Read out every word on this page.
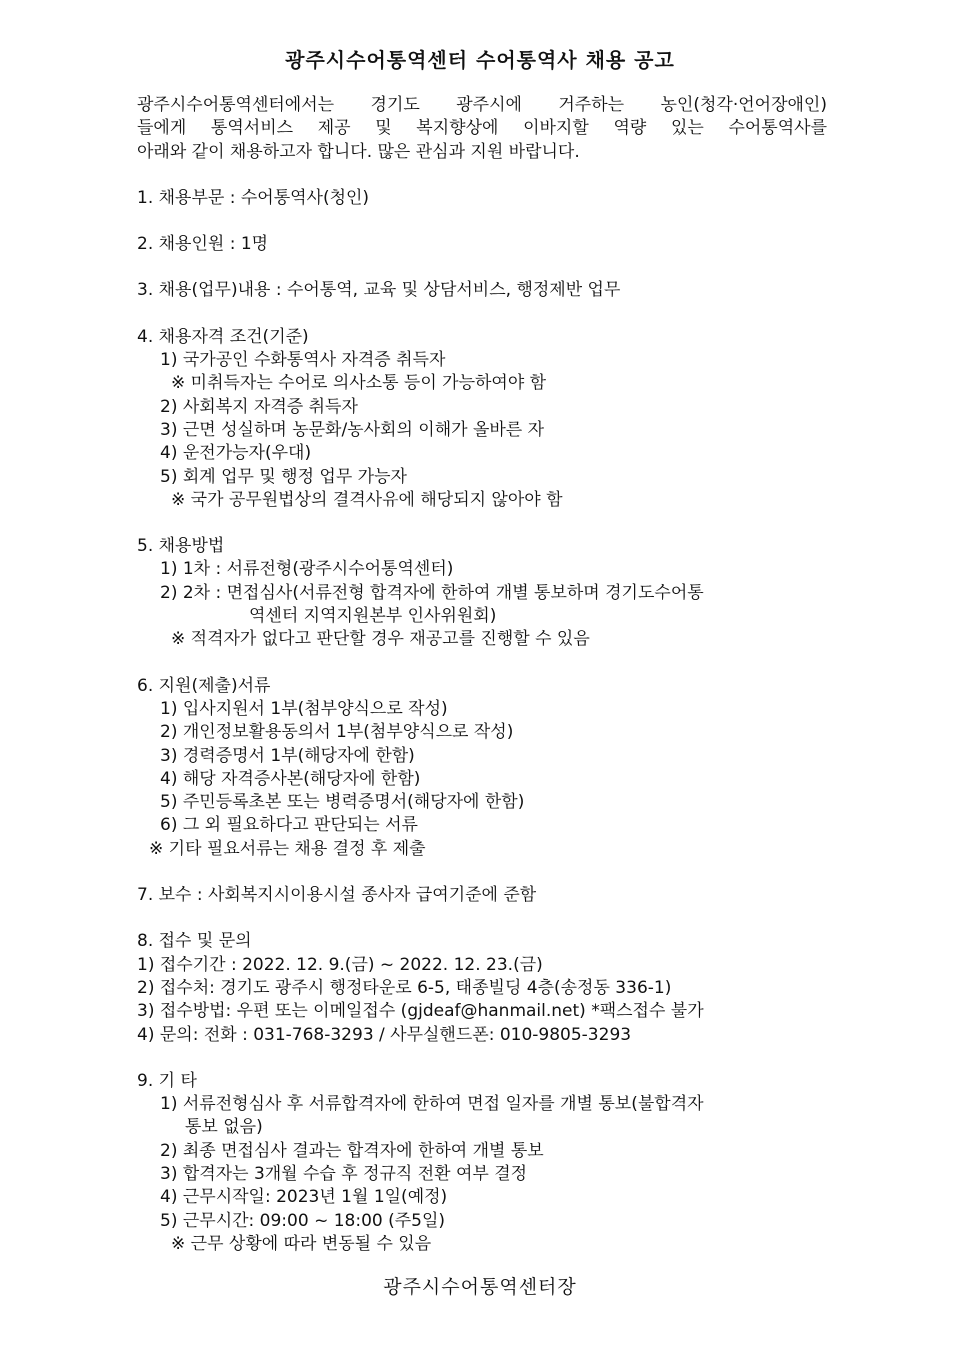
광주시수어통역센터 수어통역사 채용 공고
광주시수어통역센터에서는 경기도 광주시에 거주하는 농인(청각·언어장애인)
들에게 통역서비스 제공 및 복지향상에 이바지할 역량 있는 수어통역사를
아래와 같이 채용하고자 합니다. 많은 관심과 지원 바랍니다.
1. 채용부문 : 수어통역사(청인)
2. 채용인원 : 1명
3. 채용(업무)내용 : 수어통역, 교육 및 상담서비스, 행정제반 업무
4. 채용자격 조건(기준)
1) 국가공인 수화통역사 자격증 취득자
※ 미취득자는 수어로 의사소통 등이 가능하여야 함
2) 사회복지 자격증 취득자
3) 근면 성실하며 농문화/농사회의 이해가 올바른 자
4) 운전가능자(우대)
5) 회계 업무 및 행정 업무 가능자
※ 국가 공무원법상의 결격사유에 해당되지 않아야 함
5. 채용방법
1) 1차 : 서류전형(광주시수어통역센터)
2) 2차 : 면접심사(서류전형 합격자에 한하여 개별 통보하며 경기도수어통
역센터 지역지원본부 인사위원회)
※ 적격자가 없다고 판단할 경우 재공고를 진행할 수 있음
6. 지원(제출)서류
1) 입사지원서 1부(첨부양식으로 작성)
2) 개인정보활용동의서 1부(첨부양식으로 작성)
3) 경력증명서 1부(해당자에 한함)
4) 해당 자격증사본(해당자에 한함)
5) 주민등록초본 또는 병력증명서(해당자에 한함)
6) 그 외 필요하다고 판단되는 서류
※ 기타 필요서류는 채용 결정 후 제출
7. 보수 : 사회복지시이용시설 종사자 급여기준에 준함
8. 접수 및 문의
1) 접수기간 : 2022. 12. 9.(금) ~ 2022. 12. 23.(금)
2) 접수처: 경기도 광주시 행정타운로 6-5, 태종빌딩 4층(송정동 336-1)
3) 접수방법: 우편 또는 이메일접수 (gjdeaf@hanmail.net) *팩스접수 불가
4) 문의: 전화 : 031-768-3293 / 사무실핸드폰: 010-9805-3293
9. 기 타
1) 서류전형심사 후 서류합격자에 한하여 면접 일자를 개별 통보(불합격자
통보 없음)
2) 최종 면접심사 결과는 합격자에 한하여 개별 통보
3) 합격자는 3개월 수습 후 정규직 전환 여부 결정
4) 근무시작일: 2023년 1월 1일(예정)
5) 근무시간: 09:00 ~ 18:00 (주5일)
※ 근무 상황에 따라 변동될 수 있음
광주시수어통역센터장
